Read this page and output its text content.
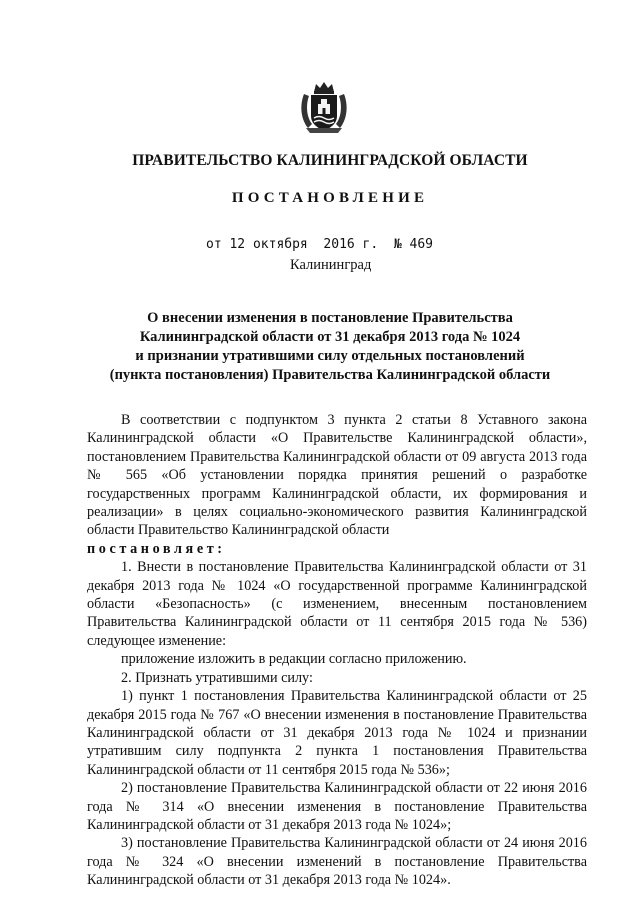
ПРАВИТЕЛЬСТВО КАЛИНИНГРАДСКОЙ ОБЛАСТИ
ПОСТАНОВЛЕНИЕ
от 12 октября 2016 г. № 469
Калининград
О внесении изменения в постановление Правительства
Калининградской области от 31 декабря 2013 года № 1024
и признании утратившими силу отдельных постановлений
(пункта постановления) Правительства Калининградской области

В соответствии с подпунктом 3 пункта 2 статьи 8 Уставного закона Калининградской области «О Правительстве Калининградской области», постановлением Правительства Калининградской области от 09 августа 2013 года № 565 «Об установлении порядка принятия решений о разработке государственных программ Калининградской области, их формирования и реализации» в целях социально-экономического развития Калининградской области Правительство Калининградской области

постановляет:

1. Внести в постановление Правительства Калининградской области от 31 декабря 2013 года № 1024 «О государственной программе Калининградской области «Безопасность» (с изменением, внесенным постановлением Правительства Калининградской области от 11 сентября 2015 года № 536) следующее изменение:

приложение изложить в редакции согласно приложению.

2. Признать утратившими силу:

1) пункт 1 постановления Правительства Калининградской области от 25 декабря 2015 года № 767 «О внесении изменения в постановление Правительства Калининградской области от 31 декабря 2013 года № 1024 и признании утратившим силу подпункта 2 пункта 1 постановления Правительства Калининградской области от 11 сентября 2015 года № 536»;

2) постановление Правительства Калининградской области от 22 июня 2016 года № 314 «О внесении изменения в постановление Правительства Калининградской области от 31 декабря 2013 года № 1024»;

3) постановление Правительства Калининградской области от 24 июня 2016 года № 324 «О внесении изменений в постановление Правительства Калининградской области от 31 декабря 2013 года № 1024».
